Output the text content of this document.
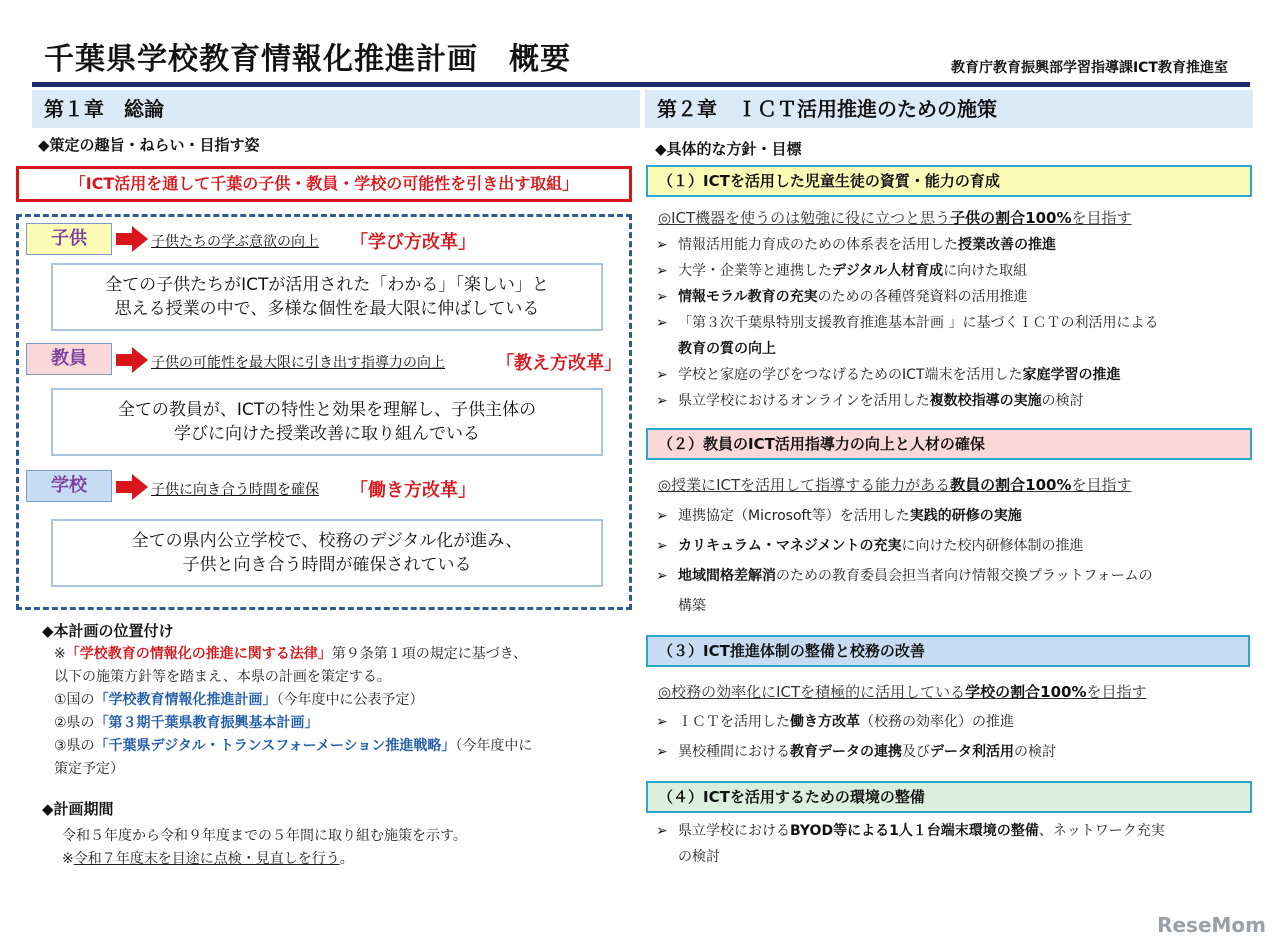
千葉県学校教育情報化推進計画　概要	教育庁教育振興部学習指導課ICT教育推進室
第１章　総論
◆策定の趣旨・ねらい・目指す姿
「ICT活用を通して千葉の子供・教員・学校の可能性を引き出す取組」
子供	子供たちの学ぶ意欲の向上 「学び方改革」
全ての子供たちがICTが活用された「わかる」「楽しい」と
思える授業の中で、多様な個性を最大限に伸ばしている
教員	子供の可能性を最大限に引き出す指導力の向上	「教え方改革」
全ての教員が、ICTの特性と効果を理解し、子供主体の
学びに向けた授業改善に取り組んでいる
学校	子供に向き合う時間を確保 「働き方改革」
全ての県内公立学校で、校務のデジタル化が進み、
子供と向き合う時間が確保されている
◆本計画の位置付け
※「学校教育の情報化の推進に関する法律」第９条第１項の規定に基づき、
以下の施策方針等を踏まえ、本県の計画を策定する。
①国の「学校教育情報化推進計画」（今年度中に公表予定）
②県の「第３期千葉県教育振興基本計画」
③県の「千葉県デジタル・トランスフォーメーション推進戦略」（今年度中に
策定予定）
◆計画期間
令和５年度から令和９年度までの５年間に取り組む施策を示す。
※令和７年度末を目途に点検・見直しを行う。
第２章　ＩＣＴ活用推進のための施策
◆具体的な方針・目標
（１）ICTを活用した児童生徒の資質・能力の育成
◎ICT機器を使うのは勉強に役に立つと思う子供の割合100%を目指す
➢ 情報活用能力育成のための体系表を活用した授業改善の推進
➢ 大学・企業等と連携したデジタル人材育成に向けた取組
➢ 情報モラル教育の充実のための各種啓発資料の活用推進
➢ 「第３次千葉県特別支援教育推進基本計画 」に基づくＩＣＴの利活用による
教育の質の向上
➢ 学校と家庭の学びをつなげるためのICT端末を活用した家庭学習の推進
➢ 県立学校におけるオンラインを活用した複数校指導の実施の検討
（２）教員のICT活用指導力の向上と人材の確保
◎授業にICTを活用して指導する能力がある教員の割合100%を目指す
➢ 連携協定（Microsoft等）を活用した実践的研修の実施
➢ カリキュラム・マネジメントの充実に向けた校内研修体制の推進
➢ 地域間格差解消のための教育委員会担当者向け情報交換プラットフォームの
構築
（３）ICT推進体制の整備と校務の改善
◎校務の効率化にICTを積極的に活用している学校の割合100%を目指す
➢ ＩＣＴを活用した働き方改革（校務の効率化）の推進
➢ 異校種間における教育データの連携及びデータ利活用の検討
（４）ICTを活用するための環境の整備
➢ 県立学校におけるBYOD等による1人１台端末環境の整備、ネットワーク充実
の検討
ReseMom
